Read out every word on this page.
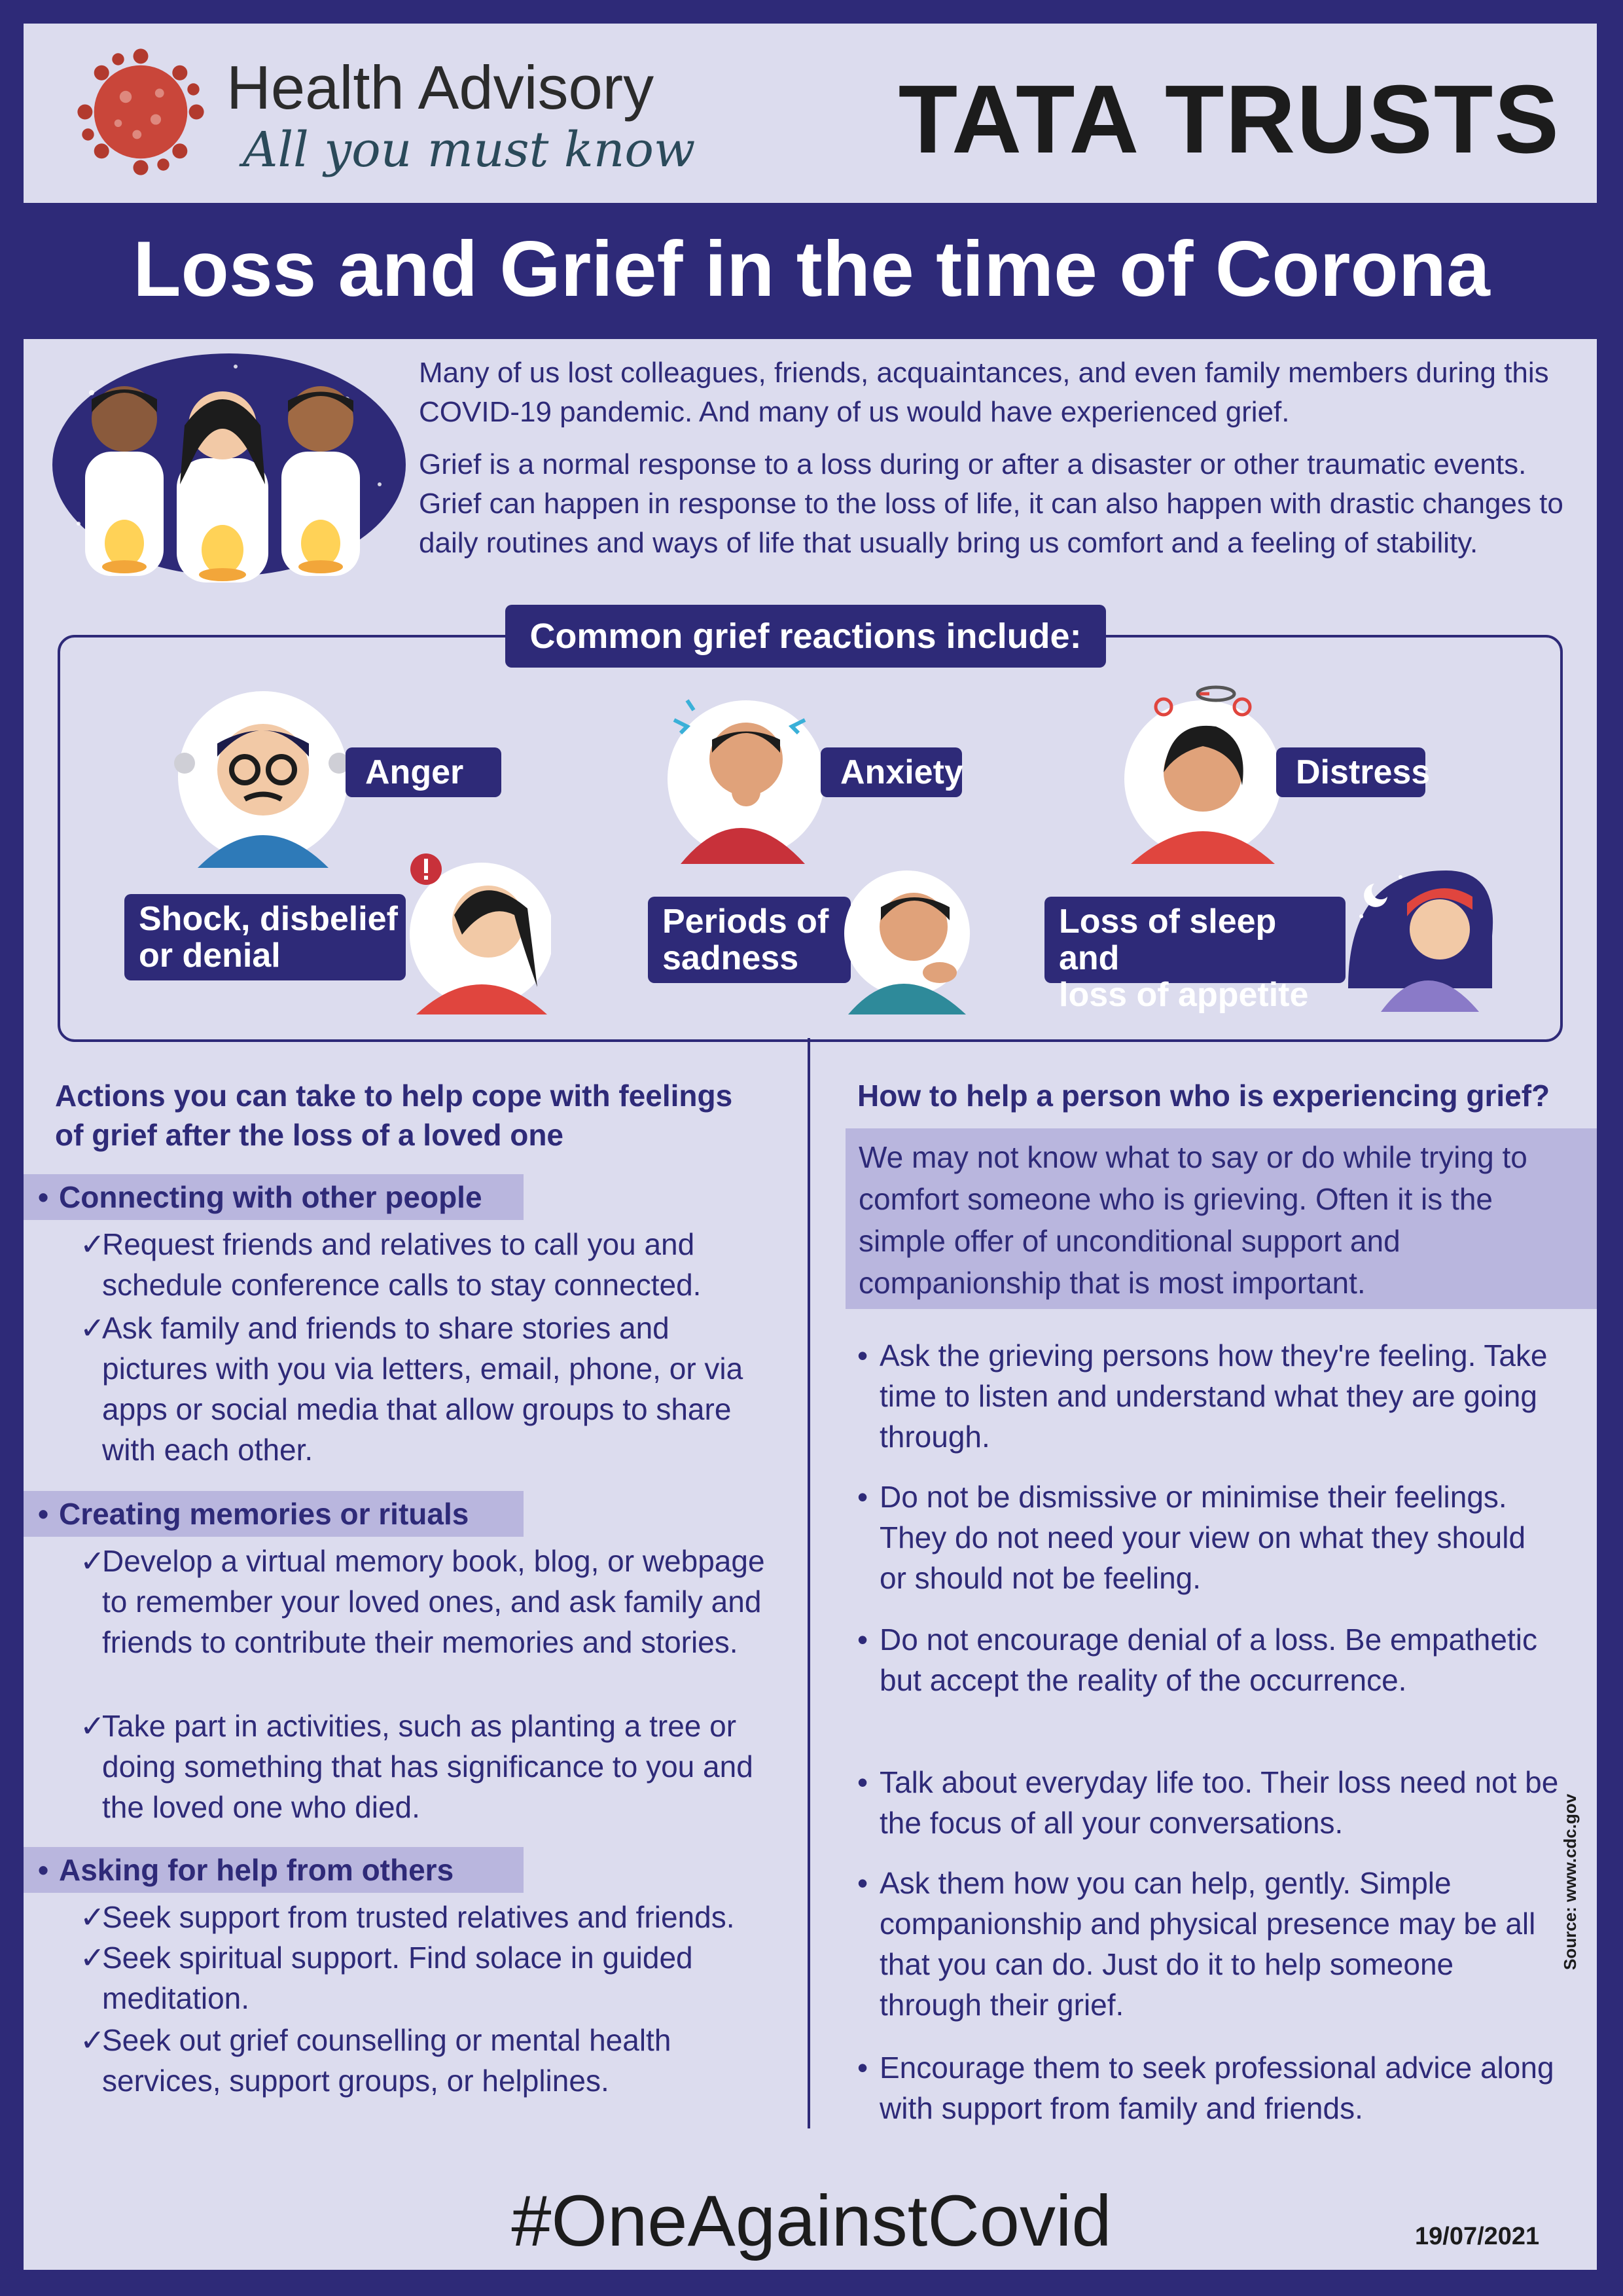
Health Advisory
All you must know TATA TRUSTS
Loss and Grief in the time of Corona
Many of us lost colleagues, friends, acquaintances, and even family members during this COVID-19 pandemic. And many of us would have experienced grief.
Grief is a normal response to a loss during or after a disaster or other traumatic events. Grief can happen in response to the loss of life, it can also happen with drastic changes to daily routines and ways of life that usually bring us comfort and a feeling of stability.
Common grief reactions include:
Anger	Anxiety	Distress
Shock, disbelief
or denial
Periods of
sadness
Loss of sleep and
loss of appetite
Actions you can take to help cope with feelings
of grief after the loss of a loved one
• Connecting with other people
✓
Request friends and relatives to call you and schedule conference calls to stay connected.
✓
Ask family and friends to share stories and pictures with you via letters, email, phone, or via apps or social media that allow groups to share with each other.
• Creating memories or rituals
✓
Develop a virtual memory book, blog, or webpage to remember your loved ones, and ask family and friends to contribute their memories and stories.
✓
Take part in activities, such as planting a tree or doing something that has significance to you and the loved one who died.
• Asking for help from others
✓
Seek support from trusted relatives and friends.
✓
Seek spiritual support. Find solace in guided meditation.
✓
Seek out grief counselling or mental health services, support groups, or helplines.
How to help a person who is experiencing grief?
We may not know what to say or do while trying to comfort someone who is grieving. Often it is the simple offer of unconditional support and companionship that is most important.
• Ask the grieving persons how they're feeling. Take time to listen and understand what they are going through.
• Do not be dismissive or minimise their feelings. They do not need your view on what they should or should not be feeling.
• Do not encourage denial of a loss. Be empathetic but accept the reality of the occurrence.
• Talk about everyday life too. Their loss need not be the focus of all your conversations.
• Ask them how you can help, gently. Simple companionship and physical presence may be all that you can do. Just do it to help someone through their grief.
• Encourage them to seek professional advice along with support from family and friends.
Source: www.cdc.gov
#OneAgainstCovid	19/07/2021
